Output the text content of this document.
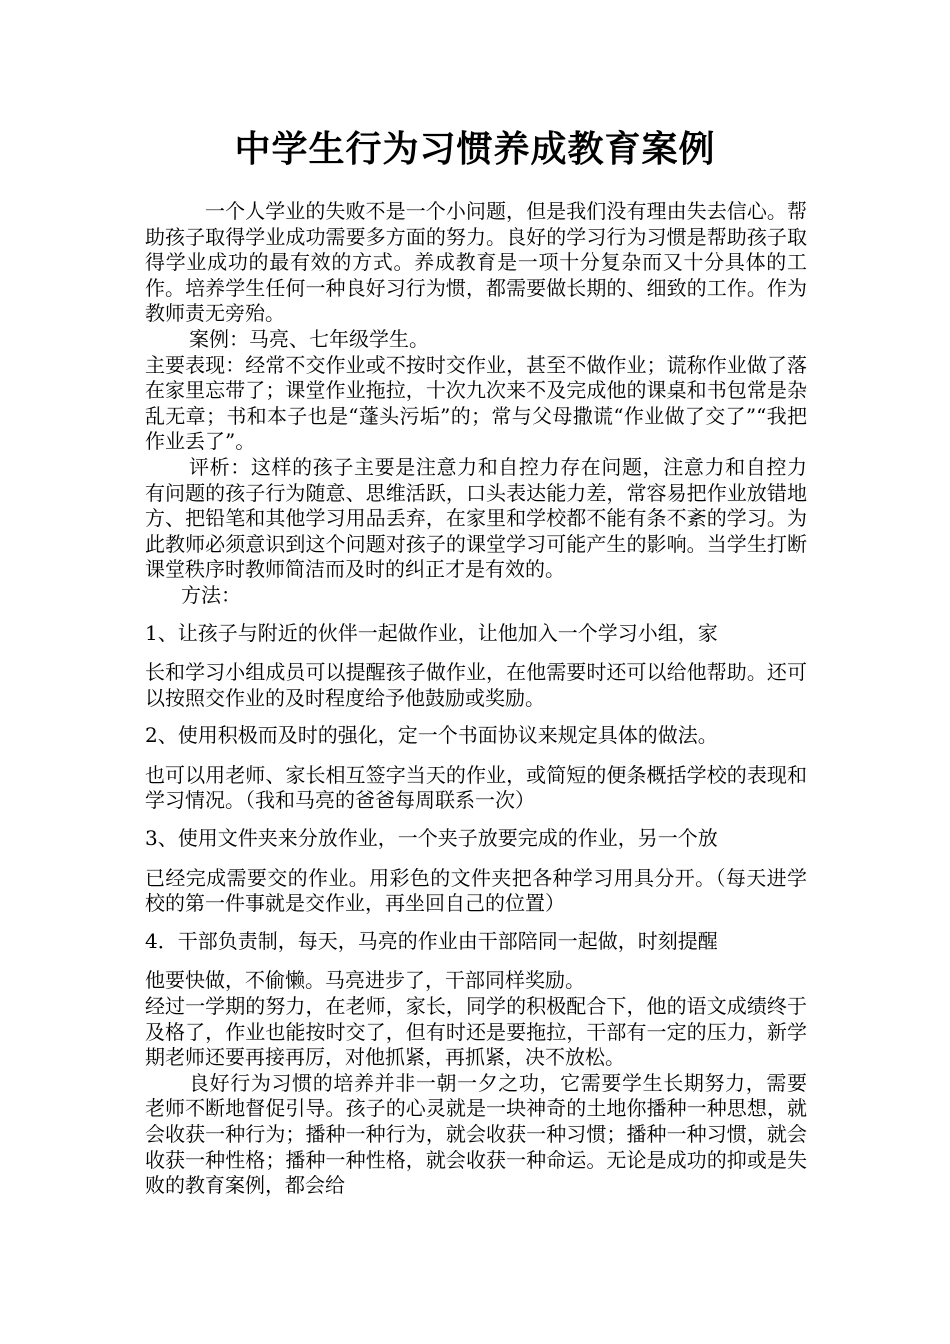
中学生行为习惯养成教育案例

一个人学业的失败不是一个小问题，但是我们没有理由失去信心。帮助孩子取得学业成功需要多方面的努力。良好的学习行为习惯是帮助孩子取得学业成功的最有效的方式。养成教育是一项十分复杂而又十分具体的工作。培养学生任何一种良好习行为惯，都需要做长期的、细致的工作。作为教师责无旁殆。

案例：马亮、七年级学生。

主要表现：经常不交作业或不按时交作业，甚至不做作业；谎称作业做了落在家里忘带了；课堂作业拖拉，十次九次来不及完成他的课桌和书包常是杂乱无章；书和本子也是“蓬头污垢”的；常与父母撒谎“作业做了交了”“我把作业丢了”。

评析：这样的孩子主要是注意力和自控力存在问题，注意力和自控力有问题的孩子行为随意、思维活跃，口头表达能力差，常容易把作业放错地方、把铅笔和其他学习用品丢弃，在家里和学校都不能有条不紊的学习。为此教师必须意识到这个问题对孩子的课堂学习可能产生的影响。当学生打断课堂秩序时教师简洁而及时的纠正才是有效的。

方法：

1、让孩子与附近的伙伴一起做作业，让他加入一个学习小组，家

长和学习小组成员可以提醒孩子做作业，在他需要时还可以给他帮助。还可以按照交作业的及时程度给予他鼓励或奖励。

2、使用积极而及时的强化，定一个书面协议来规定具体的做法。

也可以用老师、家长相互签字当天的作业，或简短的便条概括学校的表现和学习情况。（我和马亮的爸爸每周联系一次）

3、使用文件夹来分放作业，一个夹子放要完成的作业，另一个放

已经完成需要交的作业。用彩色的文件夹把各种学习用具分开。（每天进学校的第一件事就是交作业，再坐回自己的位置）

4．干部负责制，每天，马亮的作业由干部陪同一起做，时刻提醒

他要快做，不偷懒。马亮进步了，干部同样奖励。

经过一学期的努力，在老师，家长，同学的积极配合下，他的语文成绩终于及格了，作业也能按时交了，但有时还是要拖拉，干部有一定的压力，新学期老师还要再接再厉，对他抓紧，再抓紧，决不放松。

良好行为习惯的培养并非一朝一夕之功，它需要学生长期努力，需要老师不断地督促引导。孩子的心灵就是一块神奇的土地你播种一种思想，就会收获一种行为；播种一种行为，就会收获一种习惯；播种一种习惯，就会收获一种性格；播种一种性格，就会收获一种命运。无论是成功的抑或是失败的教育案例，都会给
